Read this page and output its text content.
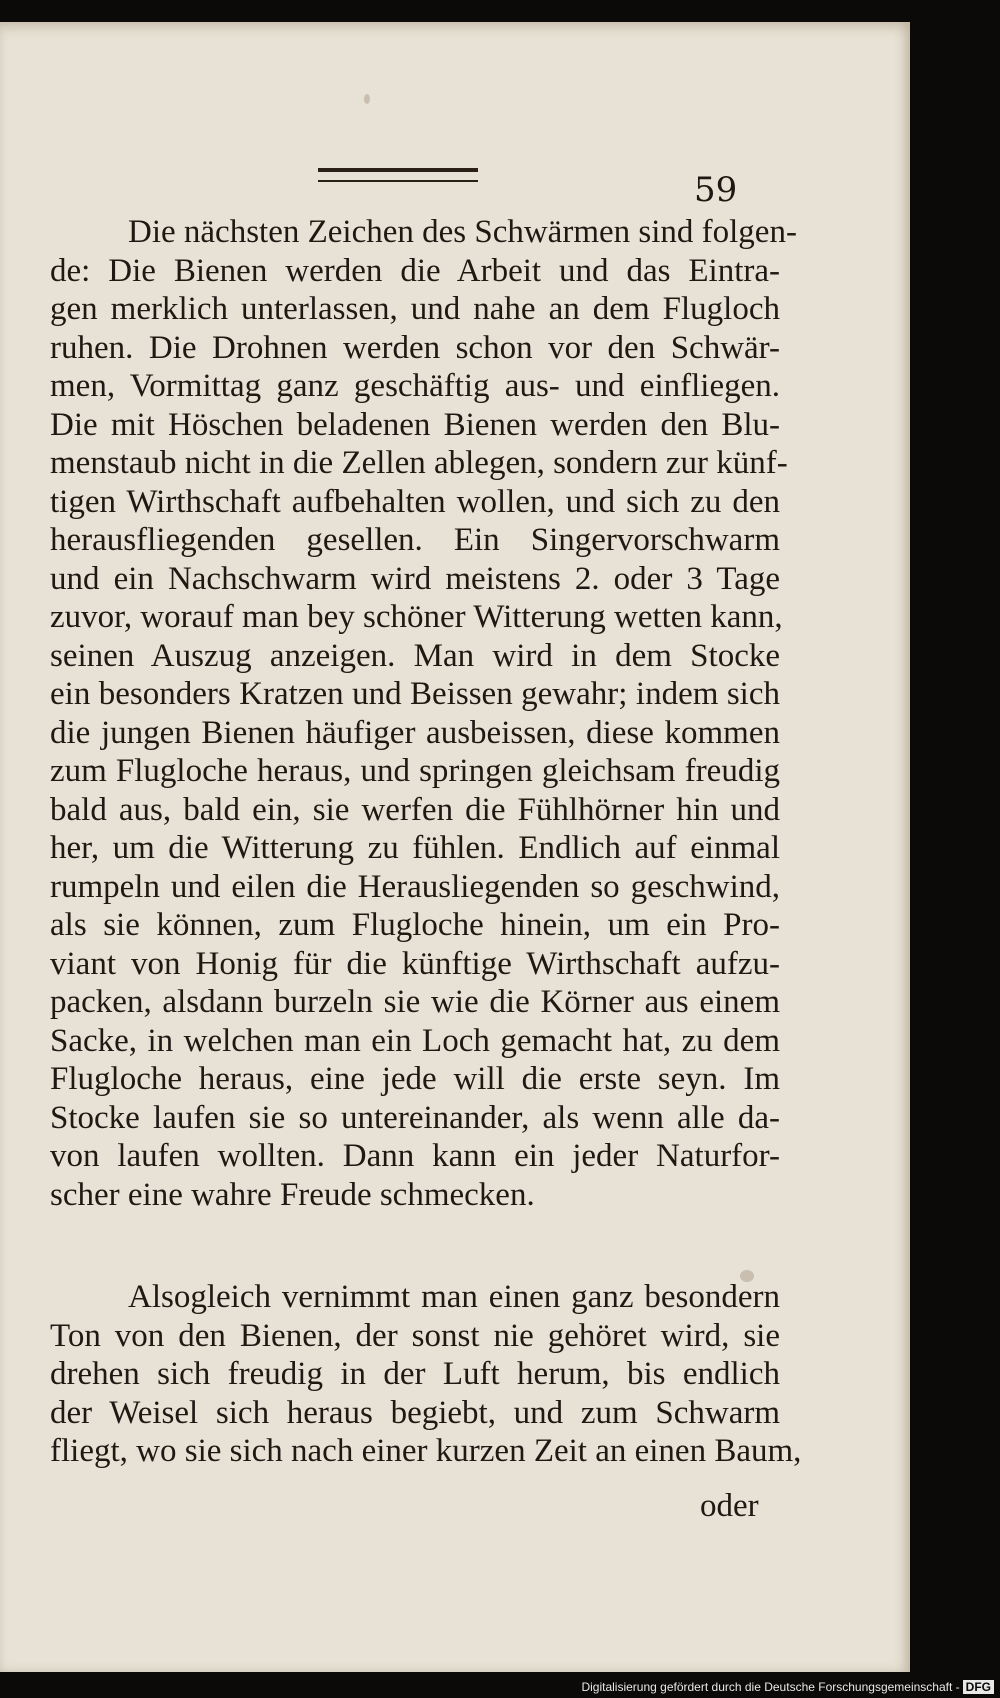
59
Die nächsten Zeichen des Schwärmen sind folgen-
de: Die Bienen werden die Arbeit und das Eintra-
gen merklich unterlassen, und nahe an dem Flugloch
ruhen. Die Drohnen werden schon vor den Schwär-
men, Vormittag ganz geschäftig aus- und einfliegen.
Die mit Höschen beladenen Bienen werden den Blu-
menstaub nicht in die Zellen ablegen, sondern zur künf-
tigen Wirthschaft aufbehalten wollen, und sich zu den
herausfliegenden gesellen. Ein Singervorschwarm
und ein Nachschwarm wird meistens 2. oder 3 Tage
zuvor, worauf man bey schöner Witterung wetten kann,
seinen Auszug anzeigen. Man wird in dem Stocke
ein besonders Kratzen und Beissen gewahr; indem sich
die jungen Bienen häufiger ausbeissen, diese kommen
zum Flugloche heraus, und springen gleichsam freudig
bald aus, bald ein, sie werfen die Fühlhörner hin und
her, um die Witterung zu fühlen. Endlich auf einmal
rumpeln und eilen die Herausliegenden so geschwind,
als sie können, zum Flugloche hinein, um ein Pro-
viant von Honig für die künftige Wirthschaft aufzu-
packen, alsdann burzeln sie wie die Körner aus einem
Sacke, in welchen man ein Loch gemacht hat, zu dem
Flugloche heraus, eine jede will die erste seyn. Im
Stocke laufen sie so untereinander, als wenn alle da-
von laufen wollten. Dann kann ein jeder Naturfor-
scher eine wahre Freude schmecken.
Alsogleich vernimmt man einen ganz besondern
Ton von den Bienen, der sonst nie gehöret wird, sie
drehen sich freudig in der Luft herum, bis endlich
der Weisel sich heraus begiebt, und zum Schwarm
fliegt, wo sie sich nach einer kurzen Zeit an einen Baum,
oder
Digitalisierung gefördert durch die Deutsche Forschungsgemeinschaft - DFG
